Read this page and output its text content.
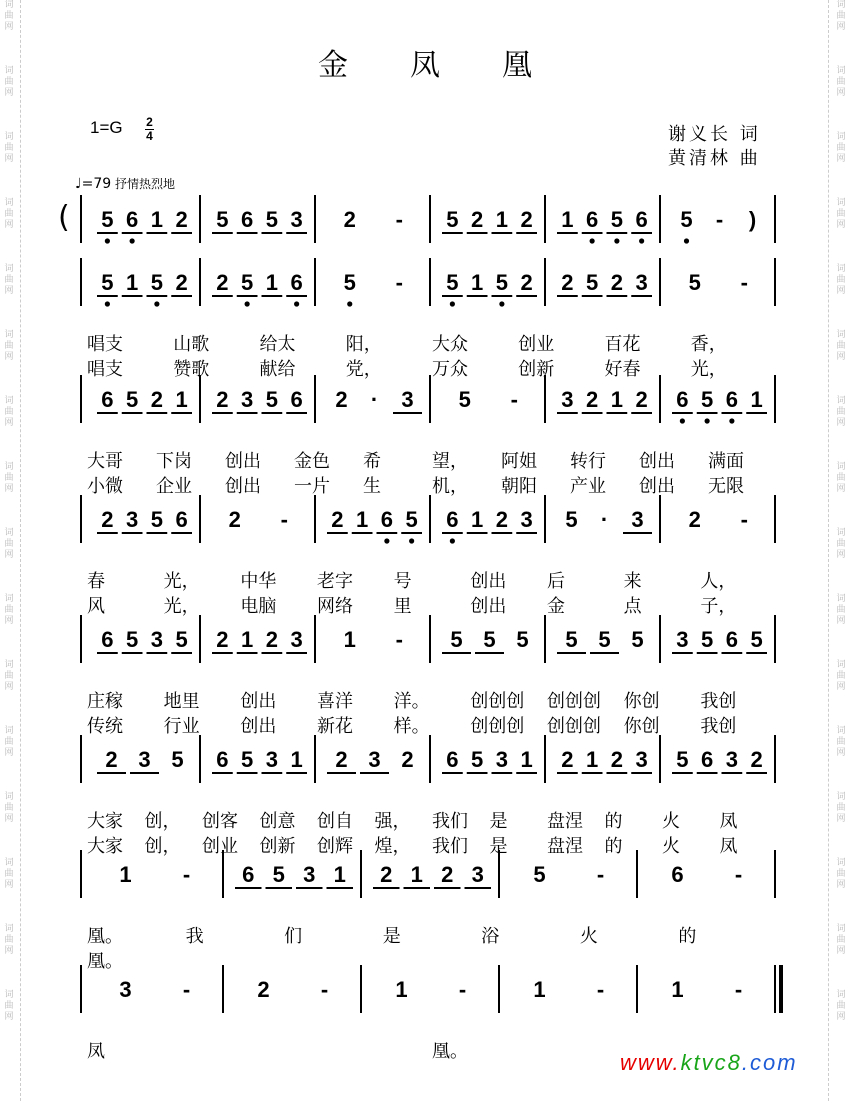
词曲网
词曲网
词曲网
词曲网
词曲网
词曲网
词曲网
词曲网
词曲网
词曲网
词曲网
词曲网
词曲网
词曲网
词曲网
词曲网
词曲网
词曲网
词曲网
词曲网
词曲网
词曲网
词曲网
词曲网
词曲网
词曲网
词曲网
词曲网
词曲网
词曲网
词曲网
词曲网
金凤凰
1=G 2
4	谢义长 词
黄清林 曲
♩=79 抒情热烈地
( 5 6 1 2 5 6 5 3 2 - 5 2 1 2 1 6 5 6 5 - )
5 1 5 2 2 5 1 6 5 - 5 1 5 2 2 5 2 3 5 -
唱支	山歌	给太	阳，	大众	创业	百花	香，
唱支	赞歌	献给	党，	万众	创新	好春	光，
6 5 2 1 2 3 5 6 2 · 3 5 - 3 2 1 2 6 5 6 1
大哥 下岗 创出 金色 希	望， 阿姐 转行 创出 满面
小微 企业 创出 一片 生	机， 朝阳 产业 创出 无限
2 3 5 6 2 - 2 1 6 5 6 1 2 3 5 · 3 2 -
春	光， 中华 老字 号	创出 后	来	人，
风	光， 电脑 网络 里	创出 金	点	子，
6 5 3 5 2 1 2 3 1 - 5 5 5 5 5 5 3 5 6 5
庄稼 地里 创出 喜洋 洋。 创创创 创创创 你创 我创
传统 行业 创出 新花 样。 创创创 创创创 你创 我创
2 3 5 6 5 3 1 2 3 2 6 5 3 1 2 1 2 3 5 6 3 2
大家 创， 创客 创意 创自 强， 我们 是 盘涅 的 火 凤
大家 创， 创业 创新 创辉 煌， 我们 是 盘涅 的 火 凤
1 - 6 5 3 1 2 1 2 3 5 -	6 -
凰。	我	们	是	浴	火	的
凰。
3 -	2 -	1 -	1 -	1 -
凤	凰。	www.ktvc8.com
